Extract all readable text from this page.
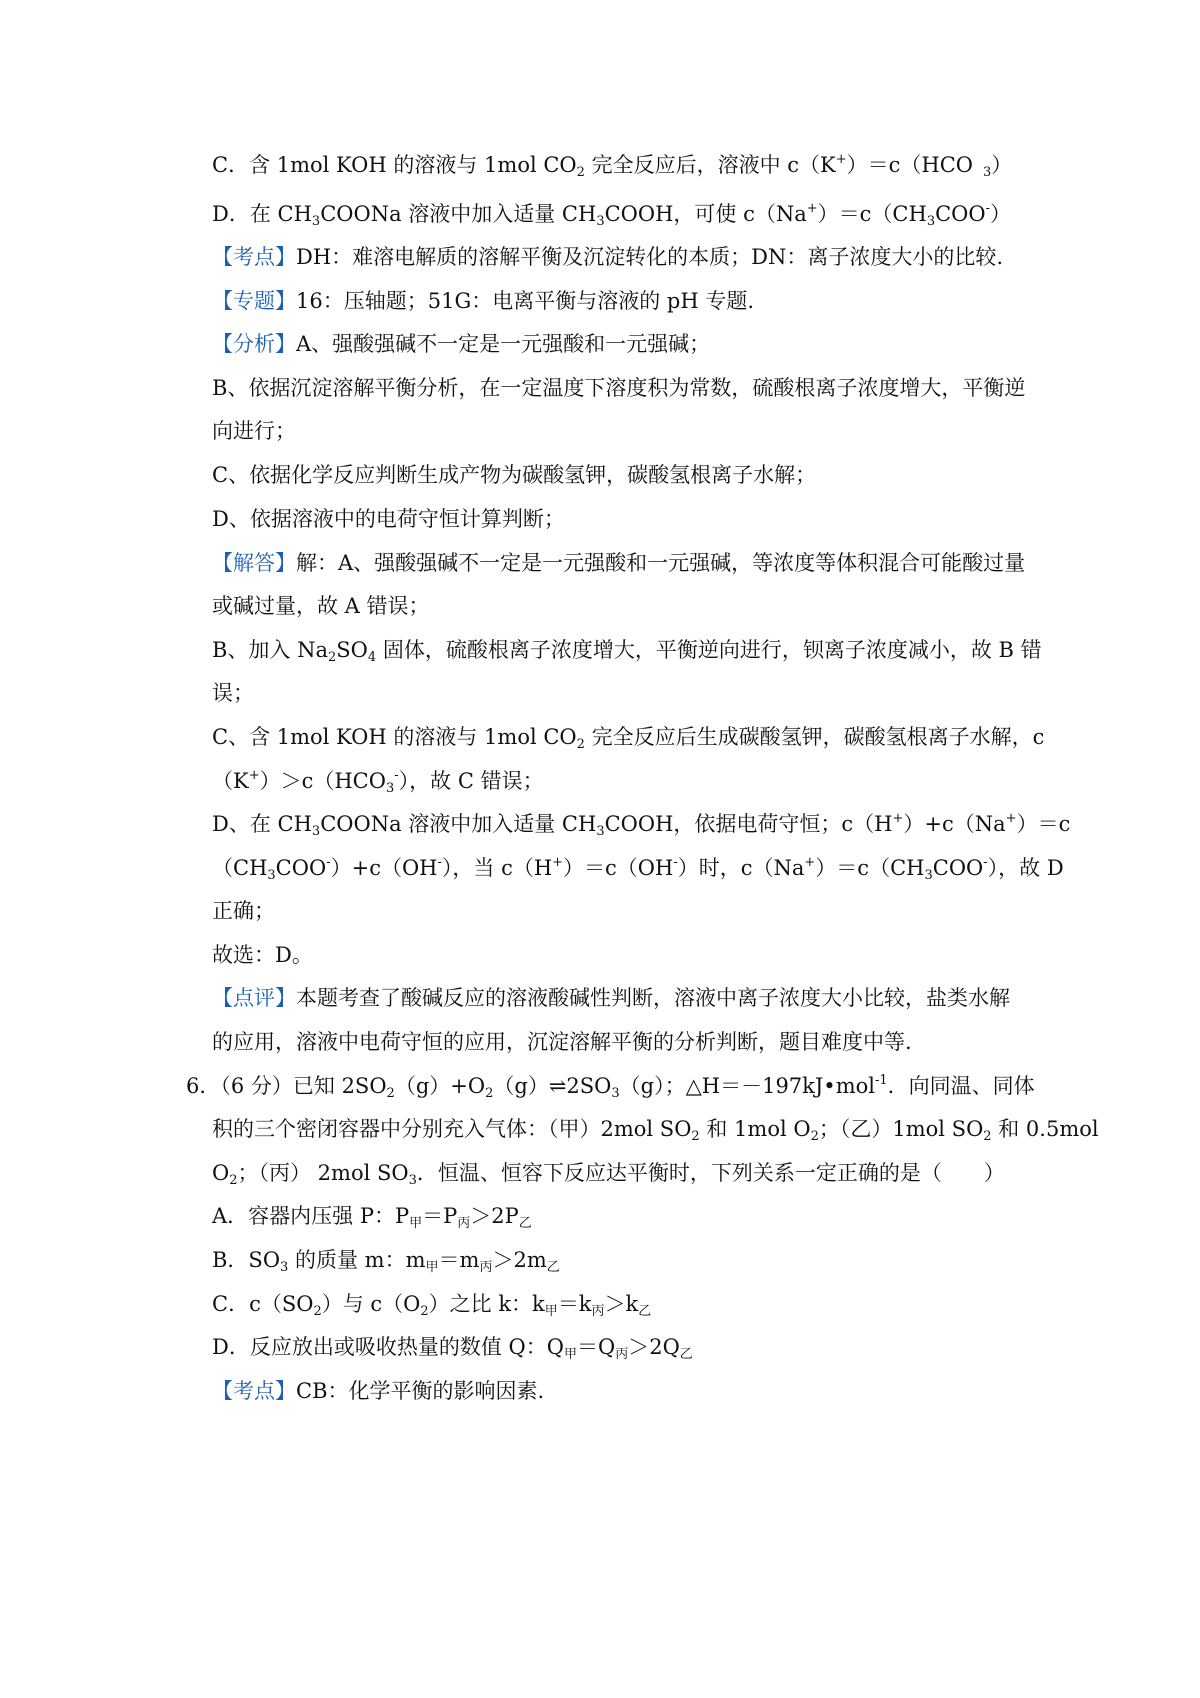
C．含 1mol KOH 的溶液与 1mol $CO_2$ 完全反应后，溶液中 c（K+）＝c（HCO $_3$）
D．在 $CH_3COONa$ 溶液中加入适量 $CH_3COOH$，可使 $c(Na^+)=c(CH_3COO^-)$
【考点】DH：难溶电解质的溶解平衡及沉淀转化的本质；DN：离子浓度大小的比较.
【专题】16：压轴题；51G：电离平衡与溶液的 pH 专题.
【分析】A、强酸强碱不一定是一元强酸和一元强碱；
B、依据沉淀溶解平衡分析，在一定温度下溶度积为常数，硫酸根离子浓度增大，平衡逆
向进行；
C、依据化学反应判断生成产物为碳酸氢钾，碳酸氢根离子水解；
D、依据溶液中的电荷守恒计算判断；
【解答】解：A、强酸强碱不一定是一元强酸和一元强碱，等浓度等体积混合可能酸过量
或碱过量，故 A 错误；
B、加入 $Na_2SO_4$ 固体，硫酸根离子浓度增大，平衡逆向进行，钡离子浓度减小，故 B 错
误；
C、含 1mol KOH 的溶液与 1mol $CO_2$ 完全反应后生成碳酸氢钾，碳酸氢根离子水解，c
$(K^+)>c(HCO_3^-)$，故 C 错误；
D、在 $CH_3COONa$ 溶液中加入适量 $CH_3COOH$，依据电荷守恒；c（H+）+c（Na+）＝c
$(CH_3COO^-)+c(OH^-)$，当 c（H+）＝c（OH-）时，$c(Na^+)=c(CH_3COO^-)$，故 D
正确；
故选：D。
【点评】本题考查了酸碱反应的溶液酸碱性判断，溶液中离子浓度大小比较，盐类水解
的应用，溶液中电荷守恒的应用，沉淀溶解平衡的分析判断，题目难度中等.
6．（6 分）已知 $2SO_2(g)+O_2(g)\rightleftharpoons 2SO_3(g)$；△H＝－197kJ•mol$^{-1}$．向同温、同体
积的三个密闭容器中分别充入气体：（甲）2mol $SO_2$ 和 1mol $O_2$；（乙）1mol $SO_2$ 和 0.5mol
$O_2$；（丙） 2mol $SO_3$．恒温、恒容下反应达平衡时，下列关系一定正确的是（　　）
A．容器内压强 P：$P_甲=P_丙>2P_乙$
B．$SO_3$ 的质量 m：$m_甲=m_丙>2m_乙$
C．$c(SO_2)$与 $c(O_2)$之比 k：$k_甲=k_丙>k_乙$
D．反应放出或吸收热量的数值 Q：$Q_甲=Q_丙>2Q_乙$
【考点】CB：化学平衡的影响因素.
